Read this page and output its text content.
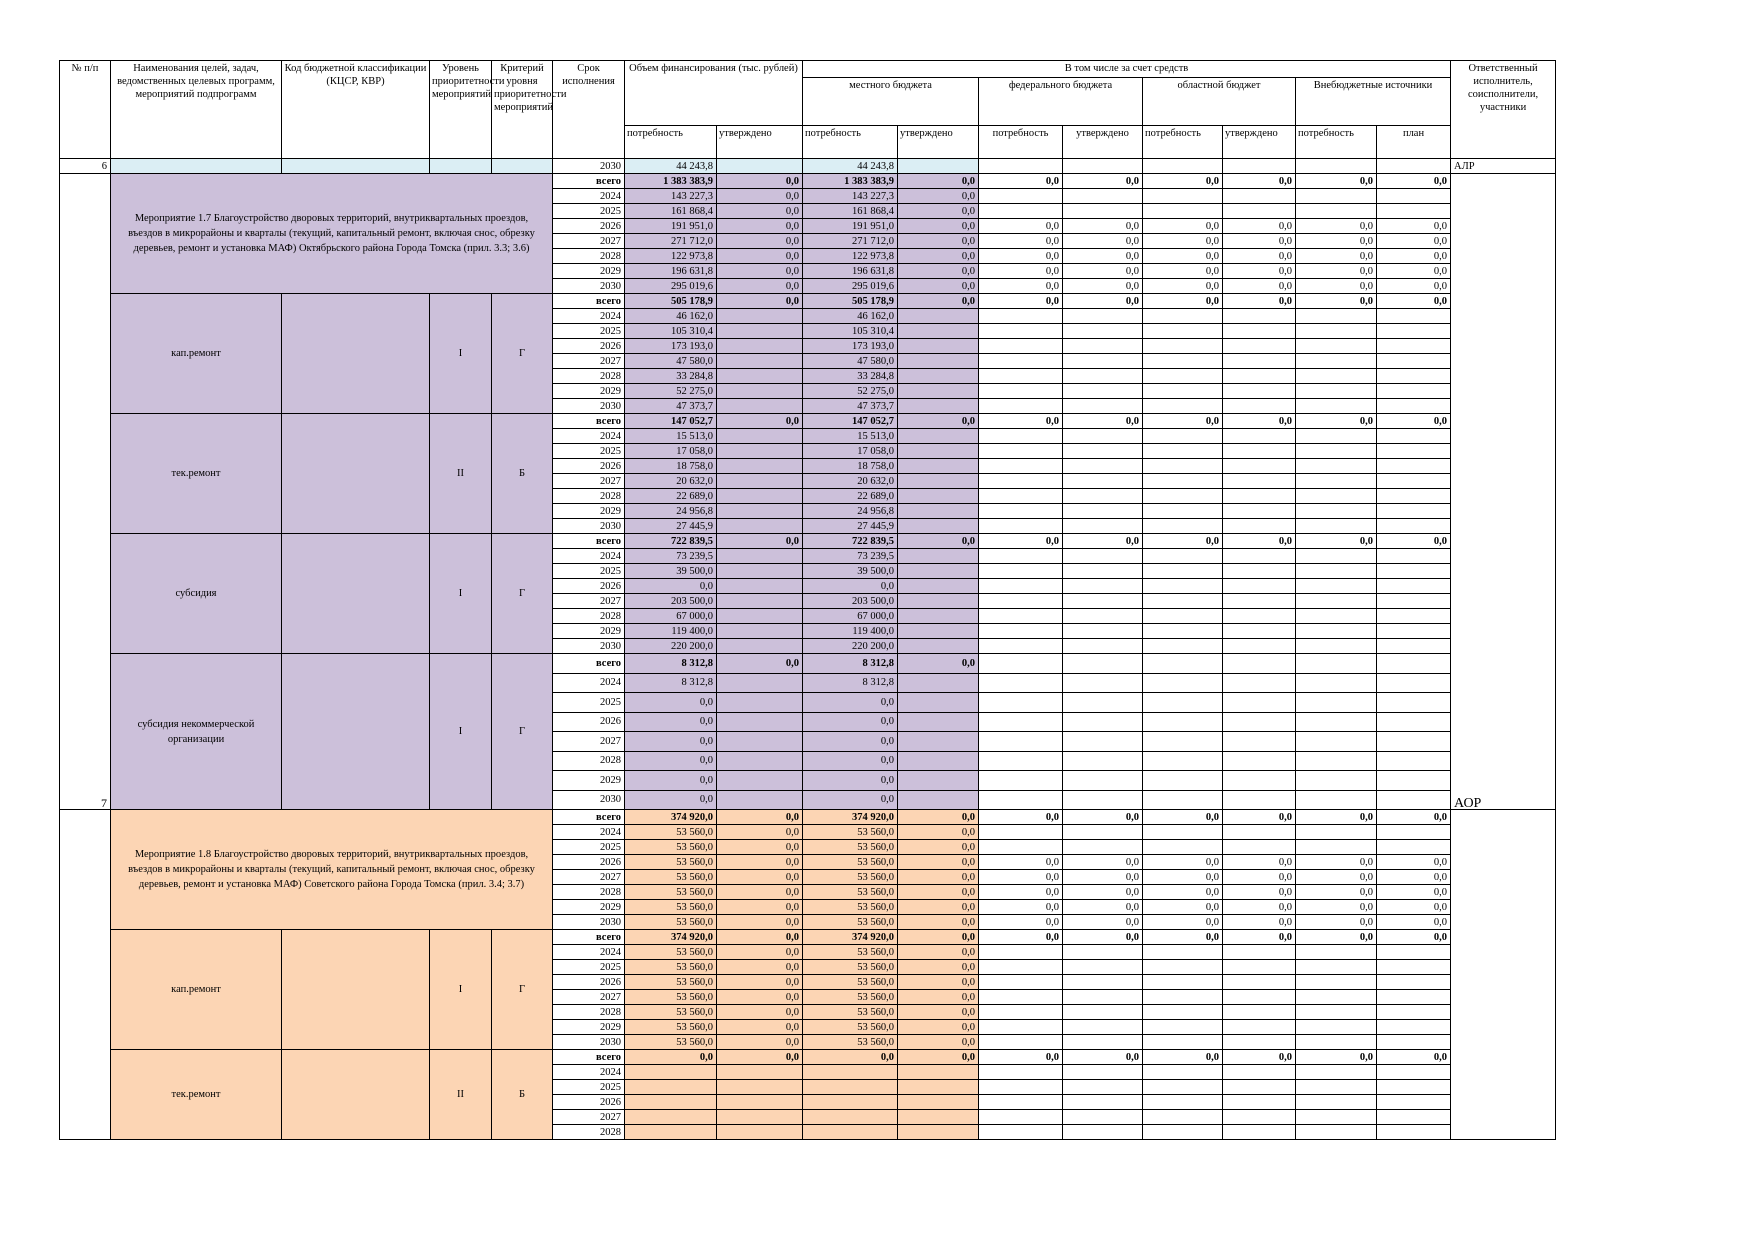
№ п/п	Наименования целей, задач, ведомственных целевых программ, мероприятий подпрограмм	Код бюджетной классификации (КЦСР, КВР)	Уровень приоритетности мероприятий	Критерий уровня приоритетности мероприятий	Срок исполнения	Объем финансирования (тыс. рублей)		В том числе за счет средств								Ответственный исполнитель, соисполнители, участники
								местного бюджета		федерального бюджета		областной бюджет		Внебюджетные источники		
						потребность	утверждено	потребность	утверждено	потребность	утверждено	потребность	утверждено	потребность	план	
6					2030	44 243,8		44 243,8								АЛР
7	Мероприятие 1.7 Благоустройство дворовых территорий, внутриквартальных проездов, въездов в микрорайоны и кварталы (текущий, капитальный ремонт, включая снос, обрезку деревьев, ремонт и установка МАФ) Октябрьского района Города Томска (прил. 3.3; 3.6)				всего	1 383 383,9	0,0	1 383 383,9	0,0	0,0	0,0	0,0	0,0	0,0	0,0	АОР
					2024	143 227,3	0,0	143 227,3	0,0							
					2025	161 868,4	0,0	161 868,4	0,0							
					2026	191 951,0	0,0	191 951,0	0,0	0,0	0,0	0,0	0,0	0,0	0,0	
					2027	271 712,0	0,0	271 712,0	0,0	0,0	0,0	0,0	0,0	0,0	0,0	
					2028	122 973,8	0,0	122 973,8	0,0	0,0	0,0	0,0	0,0	0,0	0,0	
					2029	196 631,8	0,0	196 631,8	0,0	0,0	0,0	0,0	0,0	0,0	0,0	
					2030	295 019,6	0,0	295 019,6	0,0	0,0	0,0	0,0	0,0	0,0	0,0	
	кап.ремонт		I	Г	всего	505 178,9	0,0	505 178,9	0,0	0,0	0,0	0,0	0,0	0,0	0,0	
					2024	46 162,0		46 162,0								
					2025	105 310,4		105 310,4								
					2026	173 193,0		173 193,0								
					2027	47 580,0		47 580,0								
					2028	33 284,8		33 284,8								
					2029	52 275,0		52 275,0								
					2030	47 373,7		47 373,7								
	тек.ремонт		II	Б	всего	147 052,7	0,0	147 052,7	0,0	0,0	0,0	0,0	0,0	0,0	0,0	
					2024	15 513,0		15 513,0								
					2025	17 058,0		17 058,0								
					2026	18 758,0		18 758,0								
					2027	20 632,0		20 632,0								
					2028	22 689,0		22 689,0								
					2029	24 956,8		24 956,8								
					2030	27 445,9		27 445,9								
	субсидия		I	Г	всего	722 839,5	0,0	722 839,5	0,0	0,0	0,0	0,0	0,0	0,0	0,0	
					2024	73 239,5		73 239,5								
					2025	39 500,0		39 500,0								
					2026	0,0		0,0								
					2027	203 500,0		203 500,0								
					2028	67 000,0		67 000,0								
					2029	119 400,0		119 400,0								
					2030	220 200,0		220 200,0								
	субсидия некоммерческой организации		I	Г	всего	8 312,8	0,0	8 312,8	0,0							
					2024	8 312,8		8 312,8								
					2025	0,0		0,0								
					2026	0,0		0,0								
					2027	0,0		0,0								
					2028	0,0		0,0								
					2029	0,0		0,0								
					2030	0,0		0,0								
	Мероприятие 1.8 Благоустройство дворовых территорий, внутриквартальных проездов, въездов в микрорайоны и кварталы (текущий, капитальный ремонт, включая снос, обрезку деревьев, ремонт и установка МАФ) Советского района Города Томска (прил. 3.4; 3.7)				всего	374 920,0	0,0	374 920,0	0,0	0,0	0,0	0,0	0,0	0,0	0,0	
					2024	53 560,0	0,0	53 560,0	0,0							
					2025	53 560,0	0,0	53 560,0	0,0							
					2026	53 560,0	0,0	53 560,0	0,0	0,0	0,0	0,0	0,0	0,0	0,0	
					2027	53 560,0	0,0	53 560,0	0,0	0,0	0,0	0,0	0,0	0,0	0,0	
					2028	53 560,0	0,0	53 560,0	0,0	0,0	0,0	0,0	0,0	0,0	0,0	
					2029	53 560,0	0,0	53 560,0	0,0	0,0	0,0	0,0	0,0	0,0	0,0	
					2030	53 560,0	0,0	53 560,0	0,0	0,0	0,0	0,0	0,0	0,0	0,0	
	кап.ремонт		I	Г	всего	374 920,0	0,0	374 920,0	0,0	0,0	0,0	0,0	0,0	0,0	0,0	
					2024	53 560,0	0,0	53 560,0	0,0							
					2025	53 560,0	0,0	53 560,0	0,0							
					2026	53 560,0	0,0	53 560,0	0,0							
					2027	53 560,0	0,0	53 560,0	0,0							
					2028	53 560,0	0,0	53 560,0	0,0							
					2029	53 560,0	0,0	53 560,0	0,0							
					2030	53 560,0	0,0	53 560,0	0,0							
	тек.ремонт		II	Б	всего	0,0	0,0	0,0	0,0	0,0	0,0	0,0	0,0	0,0	0,0	
					2024											
					2025											
					2026											
					2027											
					2028											
